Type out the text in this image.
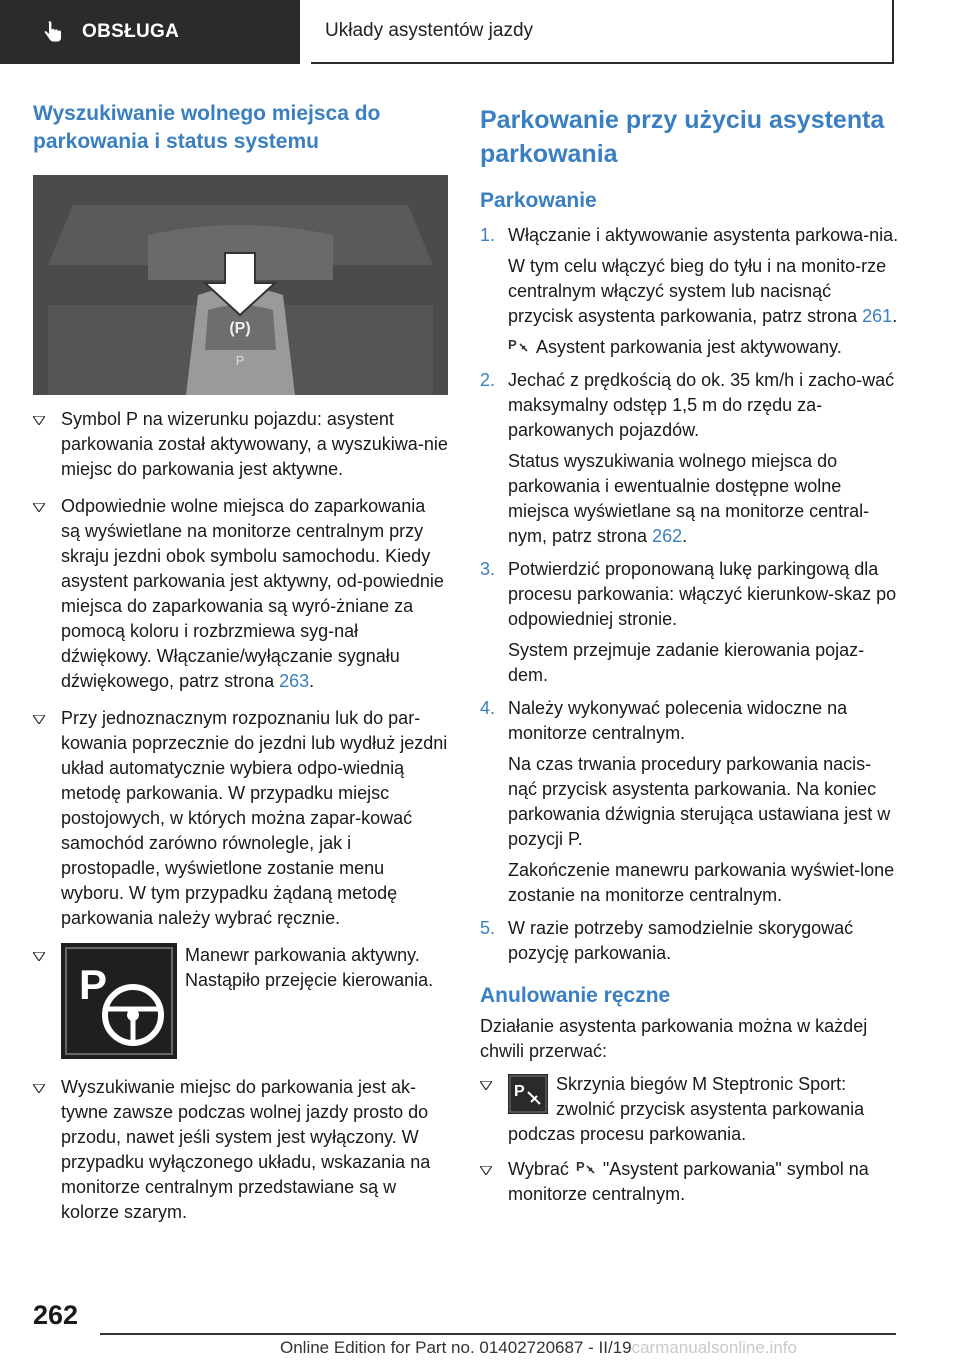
OBSŁUGA	Układy asystentów jazdy
Wyszukiwanie wolnego miejsca do parkowania i status systemu
(P)
P

Symbol P na wizerunku pojazdu: asystent parkowania został aktywowany, a wyszukiwa‐nie miejsc do parkowania jest aktywne.

Odpowiednie wolne miejsca do zaparkowania są wyświetlane na monitorze centralnym przy skraju jezdni obok symbolu samochodu. Kiedy asystent parkowania jest aktywny, od‐powiednie miejsca do zaparkowania są wyró‐żniane za pomocą koloru i rozbrzmiewa syg‐nał dźwiękowy. Włączanie/wyłączanie sygnału dźwiękowego, patrz strona 263.

Przy jednoznacznym rozpoznaniu luk do par‐kowania poprzecznie do jezdni lub wydłuż jezdni układ automatycznie wybiera odpo‐wiednią metodę parkowania. W przypadku miejsc postojowych, w których można zapar‐kować samochód zarówno równolegle, jak i prostopadle, wyświetlone zostanie menu wyboru. W tym przypadku żądaną metodę parkowania należy wybrać ręcznie.

P

Manewr parkowania aktywny. Nastąpiło przejęcie kierowania.

Wyszukiwanie miejsc do parkowania jest ak‐tywne zawsze podczas wolnej jazdy prosto do przodu, nawet jeśli system jest wyłączony. W przypadku wyłączonego układu, wskazania na monitorze centralnym przedstawiane są w kolorze szarym.

Parkowanie przy użyciu asystenta parkowania
Parkowanie
1. Włączanie i aktywowanie asystenta parkowa‐nia.

W tym celu włączyć bieg do tyłu i na monito‐rze centralnym włączyć system lub nacisnąć przycisk asystenta parkowania, patrz strona 261.

P Asystent parkowania jest aktywowany.

2. Jechać z prędkością do ok. 35 km/h i zacho‐wać maksymalny odstęp 1,5 m do rzędu za‐parkowanych pojazdów.

Status wyszukiwania wolnego miejsca do parkowania i ewentualnie dostępne wolne miejsca wyświetlane są na monitorze central‐nym, patrz strona 262.

3. Potwierdzić proponowaną lukę parkingową dla procesu parkowania: włączyć kierunkow‐skaz po odpowiedniej stronie.

System przejmuje zadanie kierowania pojaz‐dem.

4. Należy wykonywać polecenia widoczne na monitorze centralnym.

Na czas trwania procedury parkowania nacis‐nąć przycisk asystenta parkowania. Na koniec parkowania dźwignia sterująca ustawiana jest w pozycji P.

Zakończenie manewru parkowania wyświet‐lone zostanie na monitorze centralnym.

5. W razie potrzeby samodzielnie skorygować pozycję parkowania.

Anulowanie ręczne

Działanie asystenta parkowania można w każdej chwili przerwać:

P	Skrzynia biegów M Steptronic Sport: zwolnić przycisk asystenta parkowania podczas procesu parkowania.

Wybrać P "Asystent parkowania" symbol na monitorze centralnym.

262
Online Edition for Part no. 01402720687 - II/19carmanualsonline.info
